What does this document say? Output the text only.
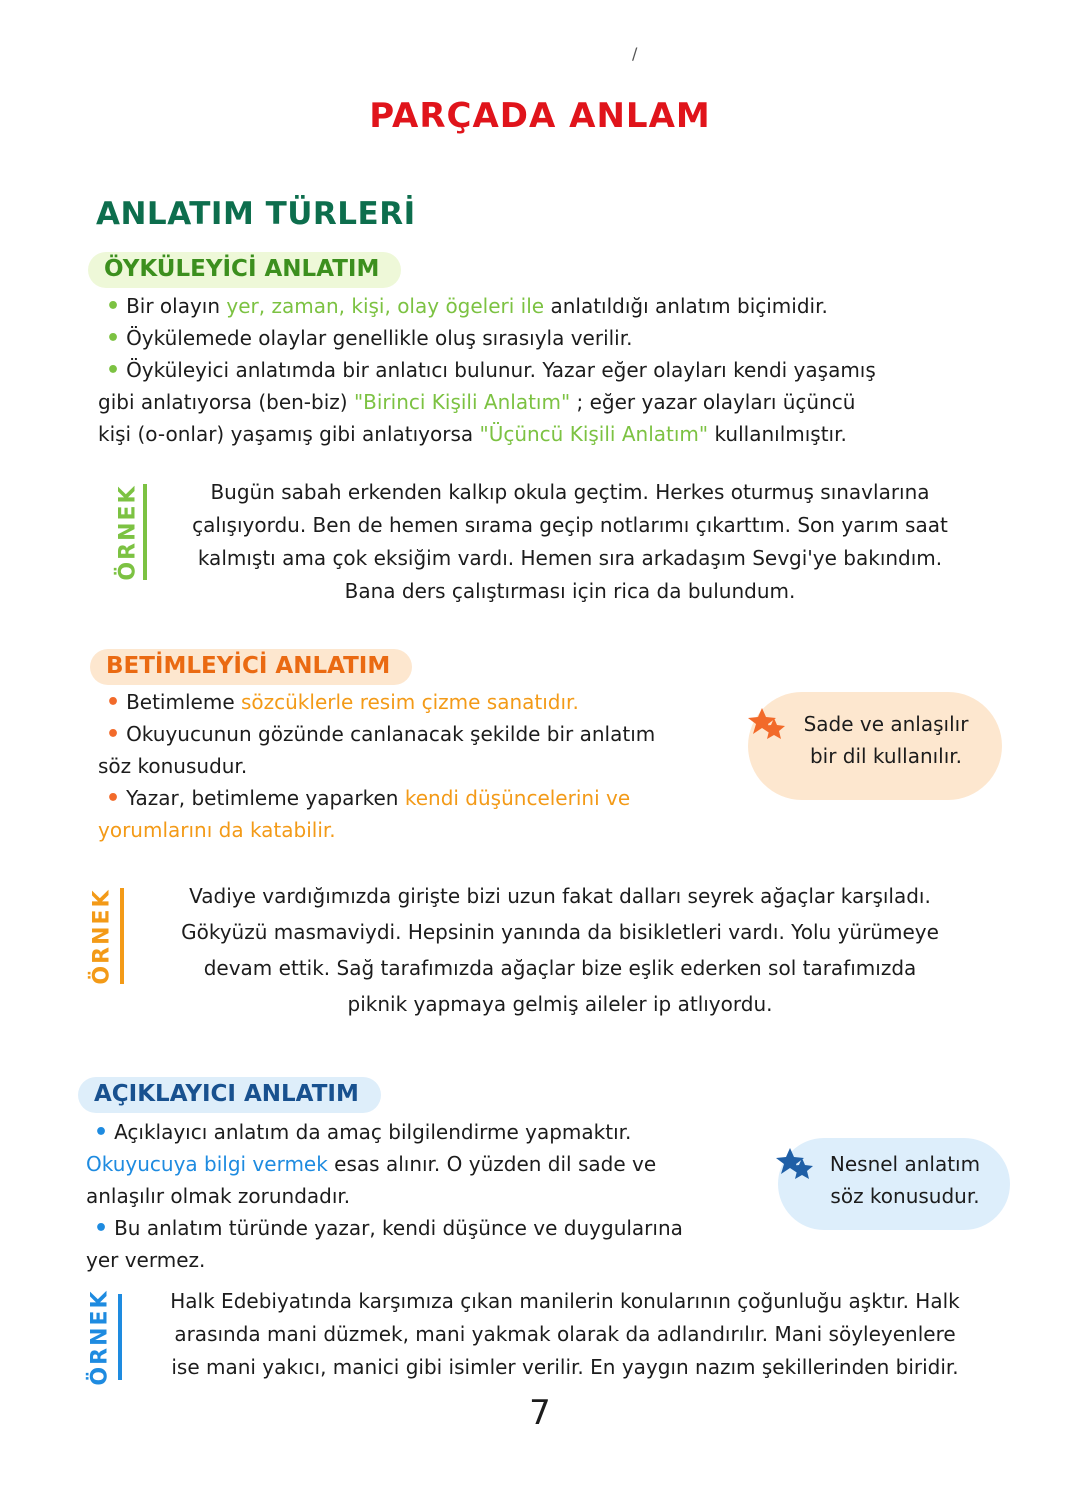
/
PARÇADA ANLAM
ANLATIM TÜRLERİ
ÖYKÜLEYİCİ ANLATIM
• Bir olayın yer, zaman, kişi, olay ögeleri ile anlatıldığı anlatım biçimidir.
• Öykülemede olaylar genellikle oluş sırasıyla verilir.
• Öyküleyici anlatımda bir anlatıcı bulunur. Yazar eğer olayları kendi yaşamış
gibi anlatıyorsa (ben-biz) "Birinci Kişili Anlatım" ; eğer yazar olayları üçüncü
kişi (o-onlar) yaşamış gibi anlatıyorsa "Üçüncü Kişili Anlatım" kullanılmıştır.
ÖRNEK	Bugün sabah erkenden kalkıp okula geçtim. Herkes oturmuş sınavlarına
çalışıyordu. Ben de hemen sırama geçip notlarımı çıkarttım. Son yarım saat
kalmıştı ama çok eksiğim vardı. Hemen sıra arkadaşım Sevgi'ye bakındım.
Bana ders çalıştırması için rica da bulundum.
BETİMLEYİCİ ANLATIM
• Betimleme sözcüklerle resim çizme sanatıdır.
• Okuyucunun gözünde canlanacak şekilde bir anlatım
söz konusudur.
• Yazar, betimleme yaparken kendi düşüncelerini ve
yorumlarını da katabilir.
Sade ve anlaşılır
bir dil kullanılır.
ÖRNEK	Vadiye vardığımızda girişte bizi uzun fakat dalları seyrek ağaçlar karşıladı.
Gökyüzü masmaviydi. Hepsinin yanında da bisikletleri vardı. Yolu yürümeye
devam ettik. Sağ tarafımızda ağaçlar bize eşlik ederken sol tarafımızda
piknik yapmaya gelmiş aileler ip atlıyordu.
AÇIKLAYICI ANLATIM
• Açıklayıcı anlatım da amaç bilgilendirme yapmaktır.
Okuyucuya bilgi vermek esas alınır. O yüzden dil sade ve
anlaşılır olmak zorundadır.
• Bu anlatım türünde yazar, kendi düşünce ve duygularına
yer vermez.
Nesnel anlatım
söz konusudur.
ÖRNEK	Halk Edebiyatında karşımıza çıkan manilerin konularının çoğunluğu aşktır. Halk
arasında mani düzmek, mani yakmak olarak da adlandırılır. Mani söyleyenlere
ise mani yakıcı, manici gibi isimler verilir. En yaygın nazım şekillerinden biridir.
7
